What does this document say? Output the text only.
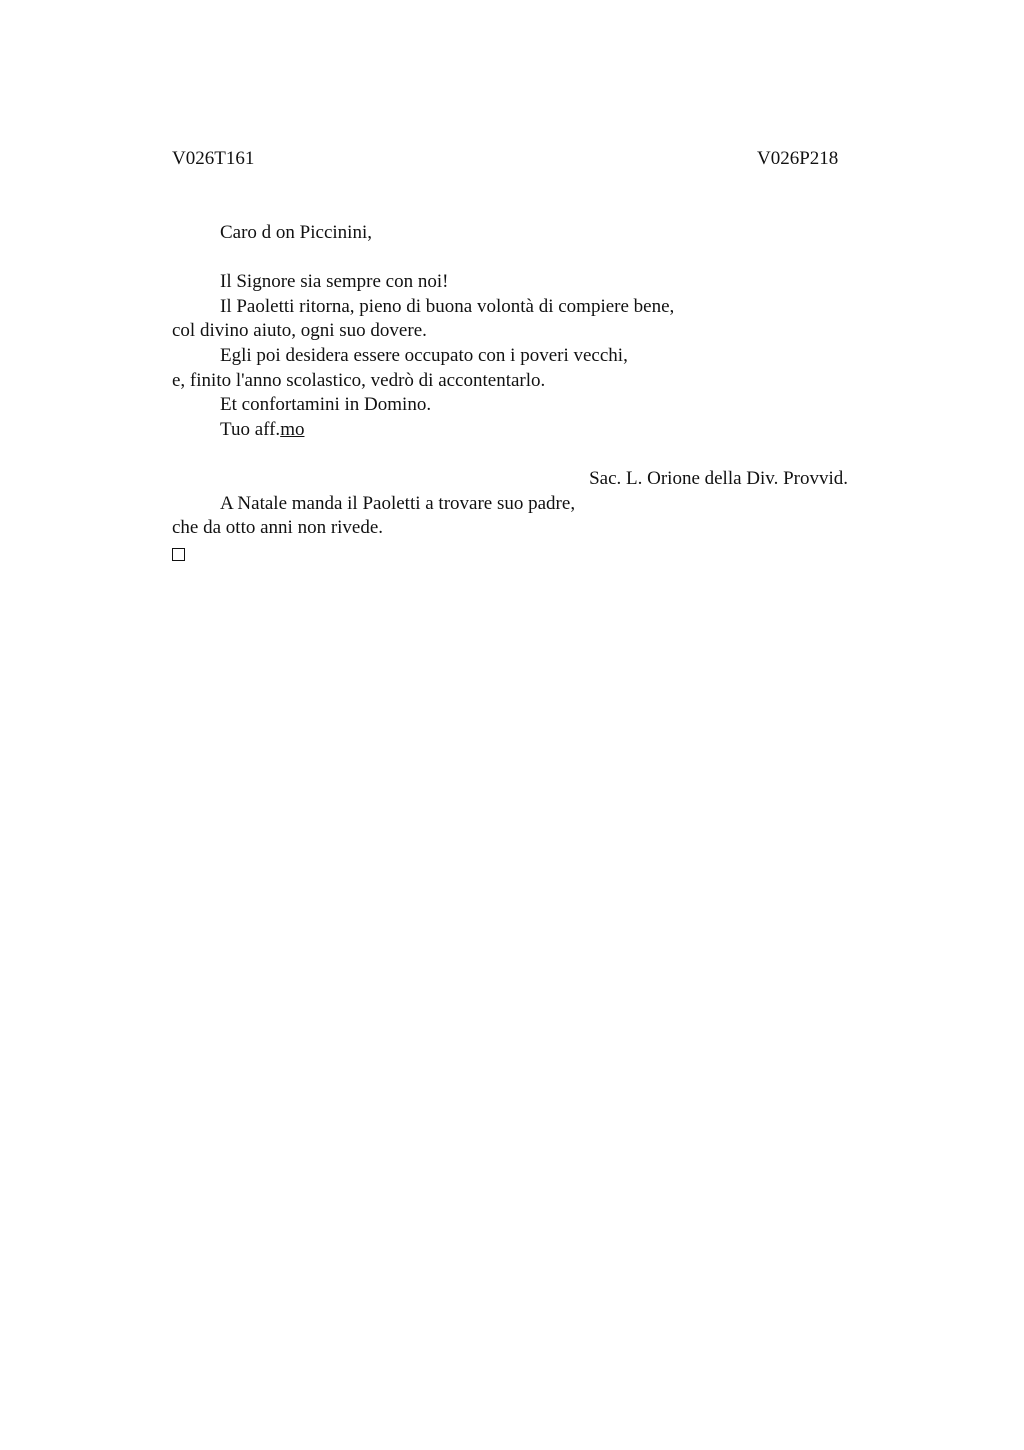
V026T161	V026P218
Caro d on Piccinini,
Il Signore sia sempre con noi!
Il Paoletti ritorna, pieno di buona volontà di compiere bene,
col divino aiuto, ogni suo dovere.
Egli poi desidera essere occupato con i poveri vecchi,
e, finito l'anno scolastico, vedrò di accontentarlo.
Et confortamini in Domino.
Tuo aff.mo
Sac. L. Orione della Div. Provvid.
A Natale manda il Paoletti a trovare suo padre,
che da otto anni non rivede.
